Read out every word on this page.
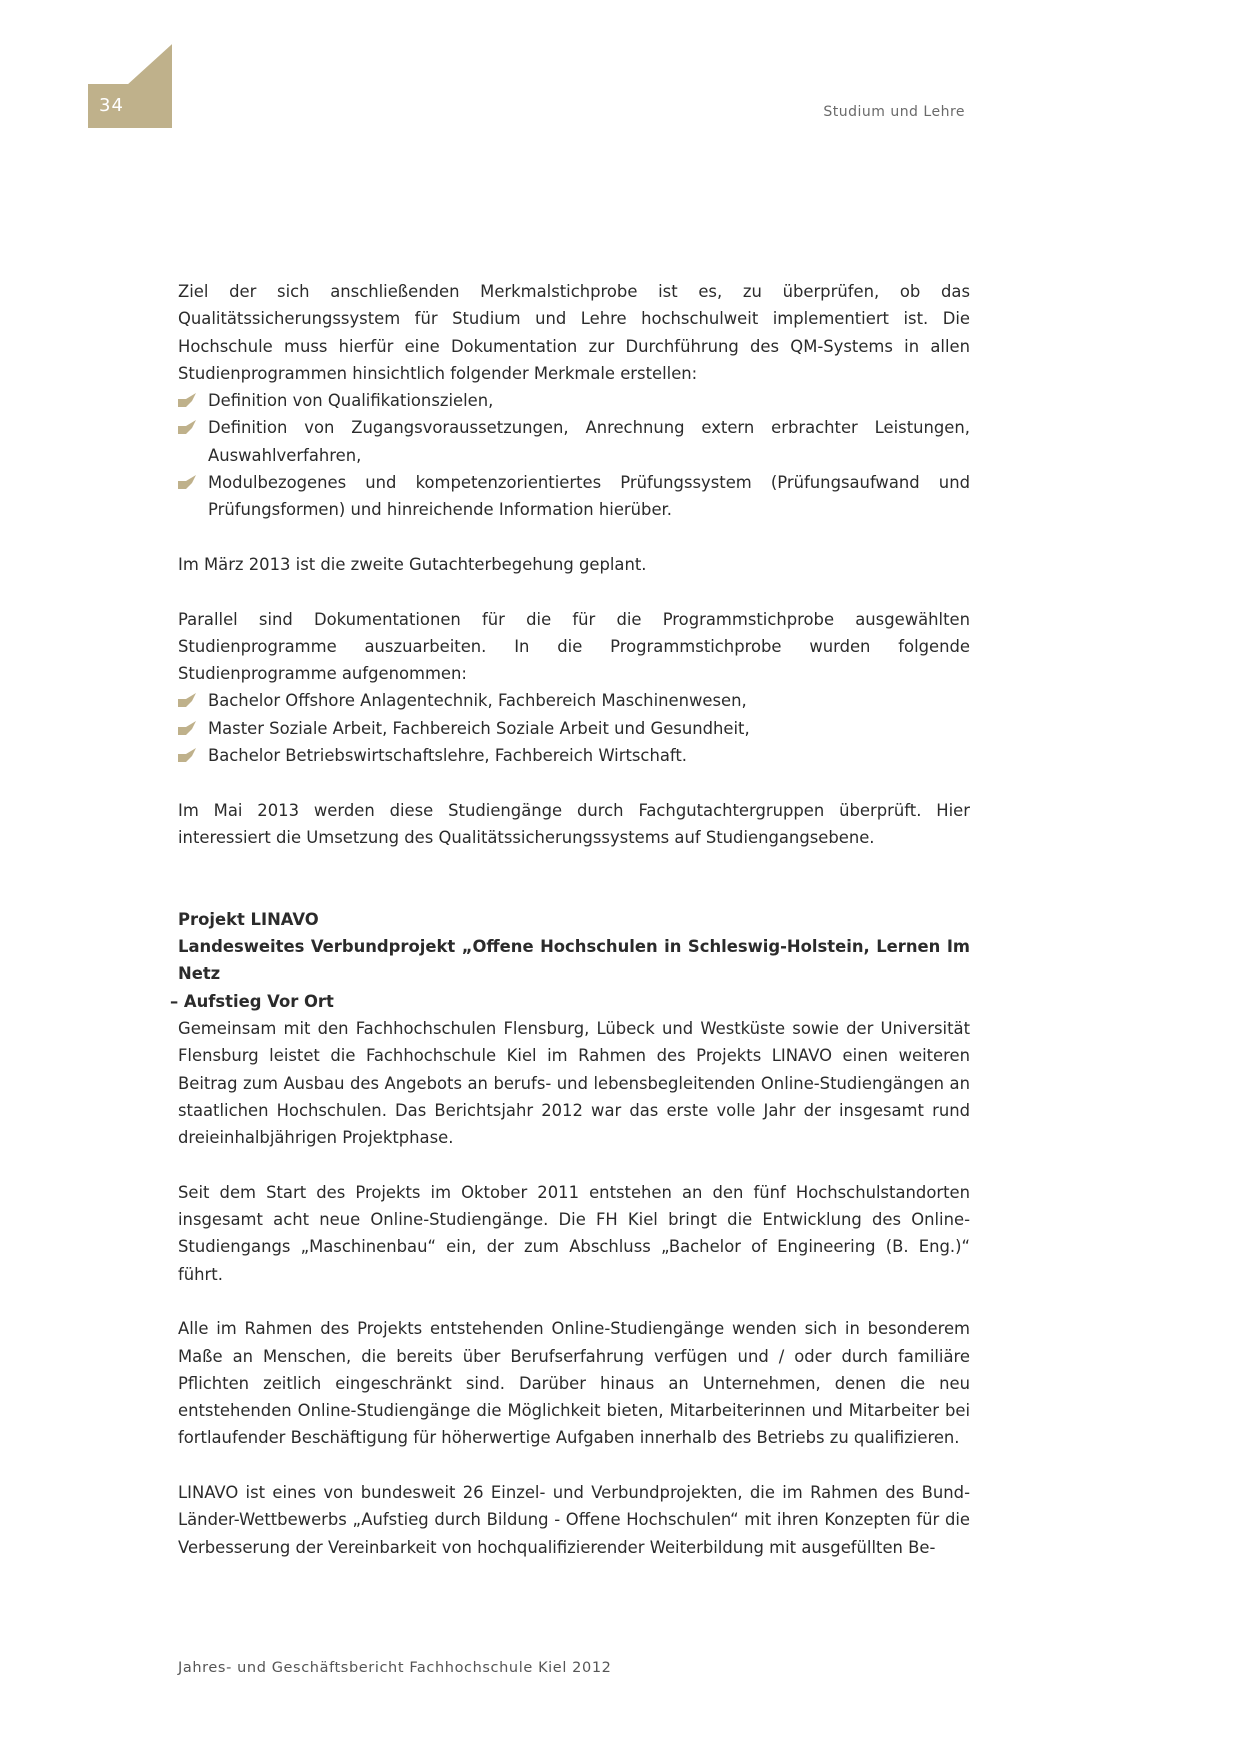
34	Studium und Lehre

Ziel der sich anschließenden Merkmalstichprobe ist es, zu überprüfen, ob das Qualitätssicherungssystem für Studium und Lehre hochschulweit implementiert ist. Die Hochschule muss hierfür eine Dokumentation zur Durchführung des QM-Systems in allen Studienprogrammen hinsichtlich folgender Merkmale erstellen:

Definition von Qualifikationszielen,
Definition von Zugangsvoraussetzungen, Anrechnung extern erbrachter Leistungen, Auswahlverfahren,
Modulbezogenes und kompetenzorientiertes Prüfungssystem (Prüfungsaufwand und Prüfungsformen) und hinreichende Information hierüber.

Im März 2013 ist die zweite Gutachterbegehung geplant.

Parallel sind Dokumentationen für die für die Programmstichprobe ausgewählten Studienprogramme auszuarbeiten. In die Programmstichprobe wurden folgende Studienprogramme aufgenommen:

Bachelor Offshore Anlagentechnik, Fachbereich Maschinenwesen,
Master Soziale Arbeit, Fachbereich Soziale Arbeit und Gesundheit,
Bachelor Betriebswirtschaftslehre, Fachbereich Wirtschaft.

Im Mai 2013 werden diese Studiengänge durch Fachgutachtergruppen überprüft. Hier interessiert die Umsetzung des Qualitätssicherungssystems auf Studiengangsebene.

Projekt LINAVO

Landesweites Verbundprojekt „Offene Hochschulen in Schleswig-Holstein, Lernen Im Netz

– Aufstieg Vor Ort

Gemeinsam mit den Fachhochschulen Flensburg, Lübeck und Westküste sowie der Universität Flensburg leistet die Fachhochschule Kiel im Rahmen des Projekts LINAVO einen weiteren Beitrag zum Ausbau des Angebots an berufs- und lebensbegleitenden Online-Studiengängen an staatlichen Hochschulen. Das Berichtsjahr 2012 war das erste volle Jahr der insgesamt rund dreieinhalbjährigen Projektphase.

Seit dem Start des Projekts im Oktober 2011 entstehen an den fünf Hochschulstandorten insgesamt acht neue Online-Studiengänge. Die FH Kiel bringt die Entwicklung des Online-Studiengangs „Maschinenbau“ ein, der zum Abschluss „Bachelor of Engineering (B. Eng.)“ führt.

Alle im Rahmen des Projekts entstehenden Online-Studiengänge wenden sich in besonderem Maße an Menschen, die bereits über Berufserfahrung verfügen und / oder durch familiäre Pflichten zeitlich eingeschränkt sind. Darüber hinaus an Unternehmen, denen die neu entstehenden Online-Studiengänge die Möglichkeit bieten, Mitarbeiterinnen und Mitarbeiter bei fortlaufender Beschäftigung für höherwertige Aufgaben innerhalb des Betriebs zu qualifizieren.

LINAVO ist eines von bundesweit 26 Einzel- und Verbundprojekten, die im Rahmen des Bund-Länder-Wettbewerbs „Aufstieg durch Bildung - Offene Hochschulen“ mit ihren Konzepten für die Verbesserung der Vereinbarkeit von hochqualifizierender Weiterbildung mit ausgefüllten Be-

Jahres- und Geschäftsbericht Fachhochschule Kiel 2012
